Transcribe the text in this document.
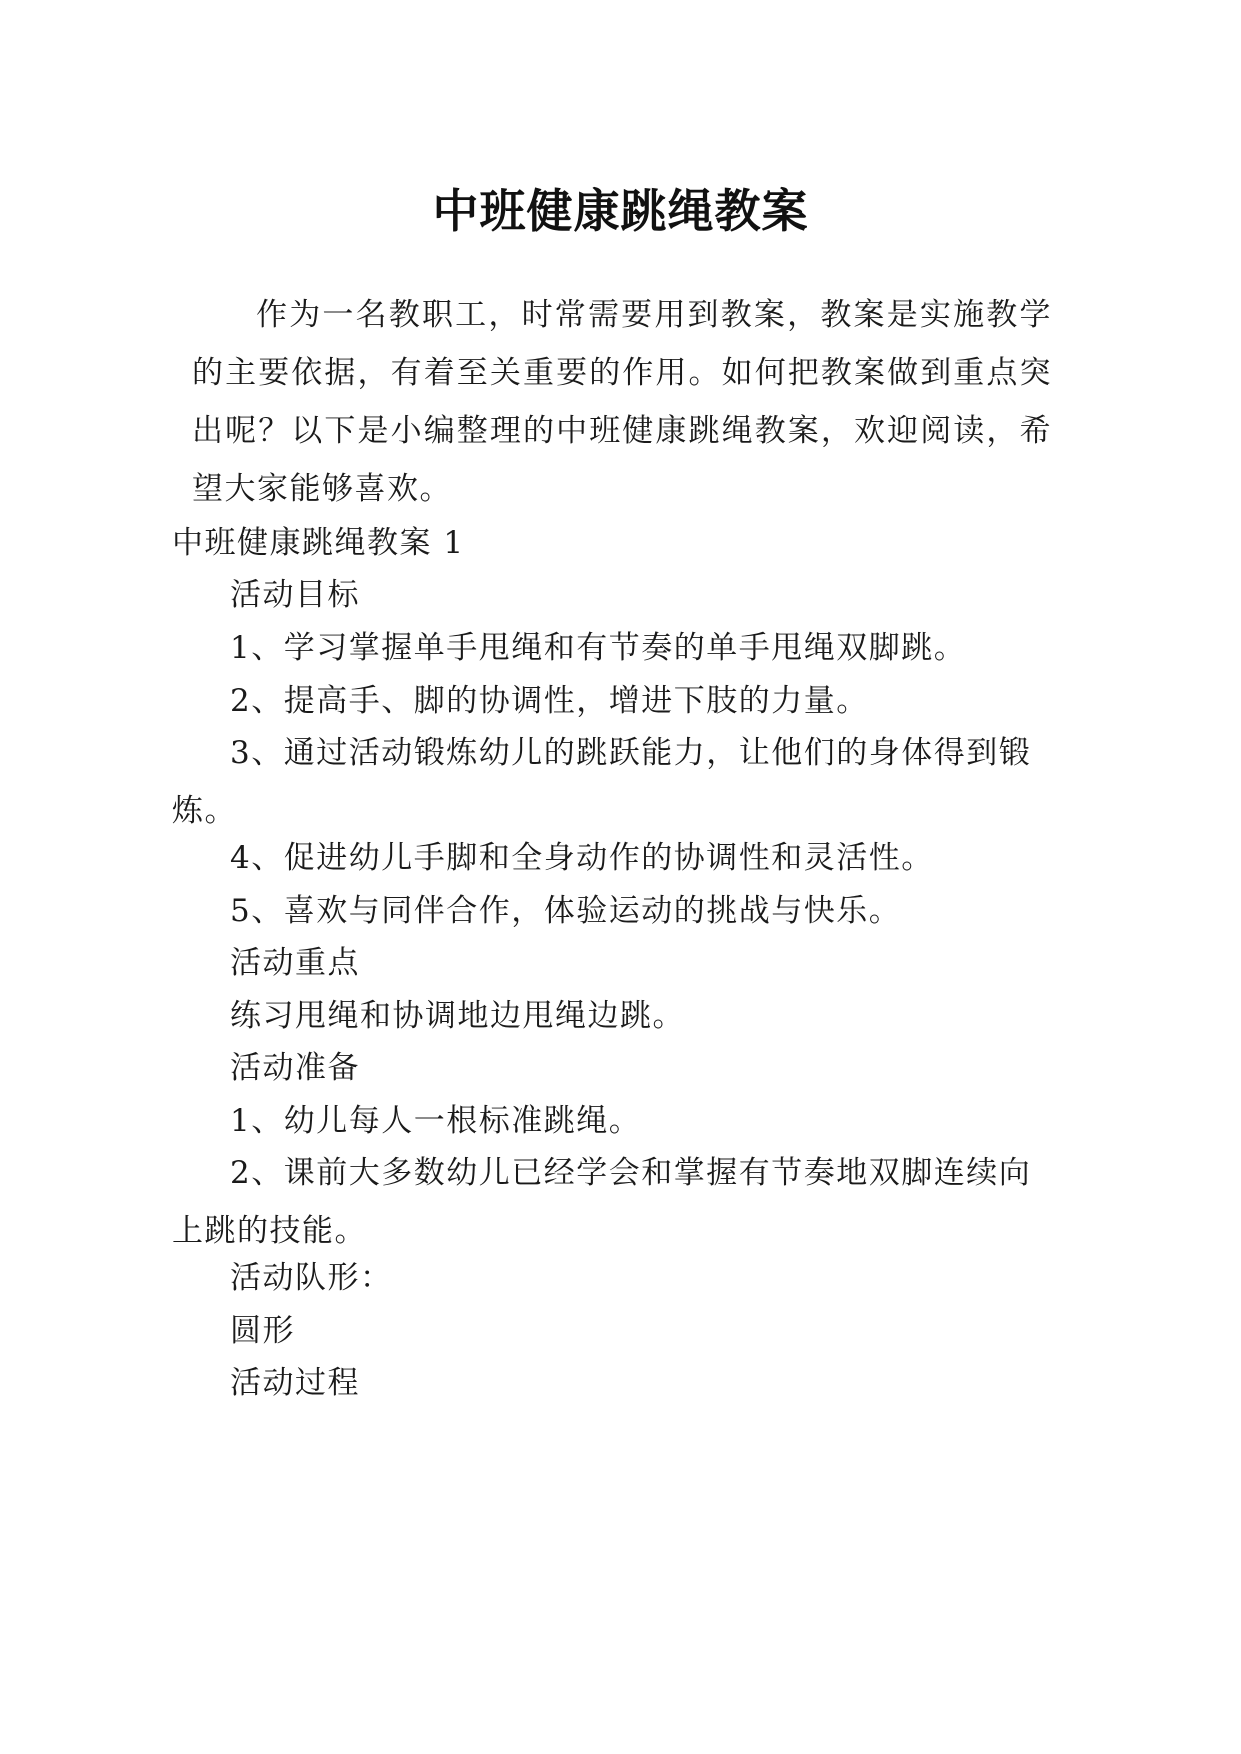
中班健康跳绳教案

作为一名教职工，时常需要用到教案，教案是实施教学的主要依据，有着至关重要的作用。如何把教案做到重点突出呢？以下是小编整理的中班健康跳绳教案，欢迎阅读，希望大家能够喜欢。

中班健康跳绳教案 1

活动目标

1、学习掌握单手甩绳和有节奏的单手甩绳双脚跳。

2、提高手、脚的协调性，增进下肢的力量。

3、通过活动锻炼幼儿的跳跃能力，让他们的身体得到锻炼。

4、促进幼儿手脚和全身动作的协调性和灵活性。

5、喜欢与同伴合作，体验运动的挑战与快乐。

活动重点

练习甩绳和协调地边甩绳边跳。

活动准备

1、幼儿每人一根标准跳绳。

2、课前大多数幼儿已经学会和掌握有节奏地双脚连续向上跳的技能。

活动队形：

圆形

活动过程
